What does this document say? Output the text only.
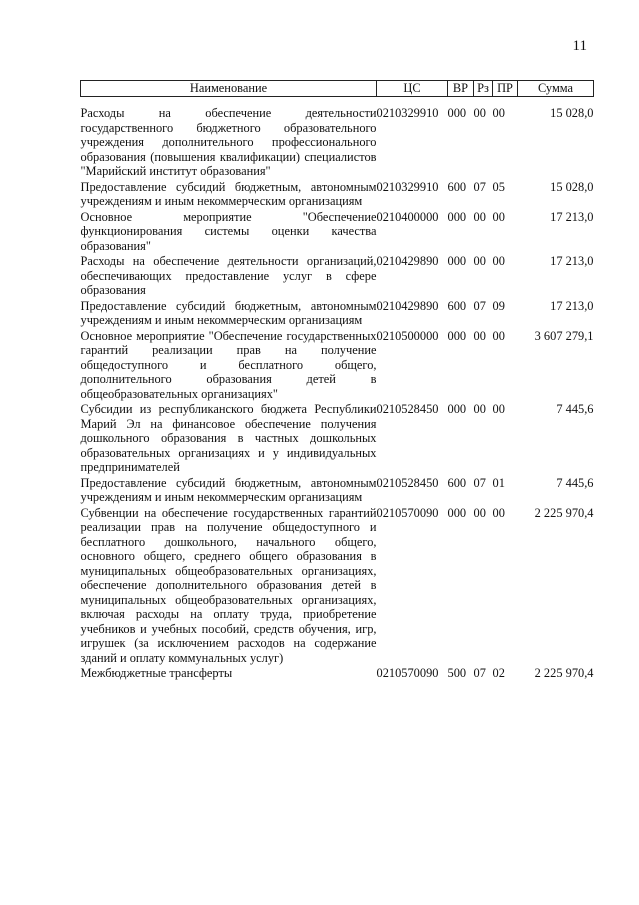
11
Наименование	ЦС	ВР	Рз	ПР	Сумма
Расходы на обеспечение деятельности государственного бюджетного образовательного учреждения дополнительного профессионального образования (повышения квалификации) специалистов "Марийский институт образования"	0210329910	000	00	00	15 028,0
Предоставление субсидий бюджетным, автономным учреждениям и иным некоммерческим организациям	0210329910	600	07	05	15 028,0
Основное мероприятие "Обеспечение функционирования системы оценки качества образования"	0210400000	000	00	00	17 213,0
Расходы на обеспечение деятельности организаций, обеспечивающих предоставление услуг в сфере образования	0210429890	000	00	00	17 213,0
Предоставление субсидий бюджетным, автономным учреждениям и иным некоммерческим организациям	0210429890	600	07	09	17 213,0
Основное мероприятие "Обеспечение государственных гарантий реализации прав на получение общедоступного и бесплатного общего, дополнительного образования детей в общеобразовательных организациях"	0210500000	000	00	00	3 607 279,1
Субсидии из республиканского бюджета Республики Марий Эл на финансовое обеспечение получения дошкольного образования в частных дошкольных образовательных организациях и у индивидуальных предпринимателей	0210528450	000	00	00	7 445,6
Предоставление субсидий бюджетным, автономным учреждениям и иным некоммерческим организациям	0210528450	600	07	01	7 445,6
Субвенции на обеспечение государственных гарантий реализации прав на получение общедоступного и бесплатного дошкольного, начального общего, основного общего, среднего общего образования в муниципальных общеобразовательных организациях, обеспечение дополнительного образования детей в муниципальных общеобразовательных организациях, включая расходы на оплату труда, приобретение учебников и учебных пособий, средств обучения, игр, игрушек (за исключением расходов на содержание зданий и оплату коммунальных услуг)	0210570090	000	00	00	2 225 970,4
Межбюджетные трансферты	0210570090	500	07	02	2 225 970,4
